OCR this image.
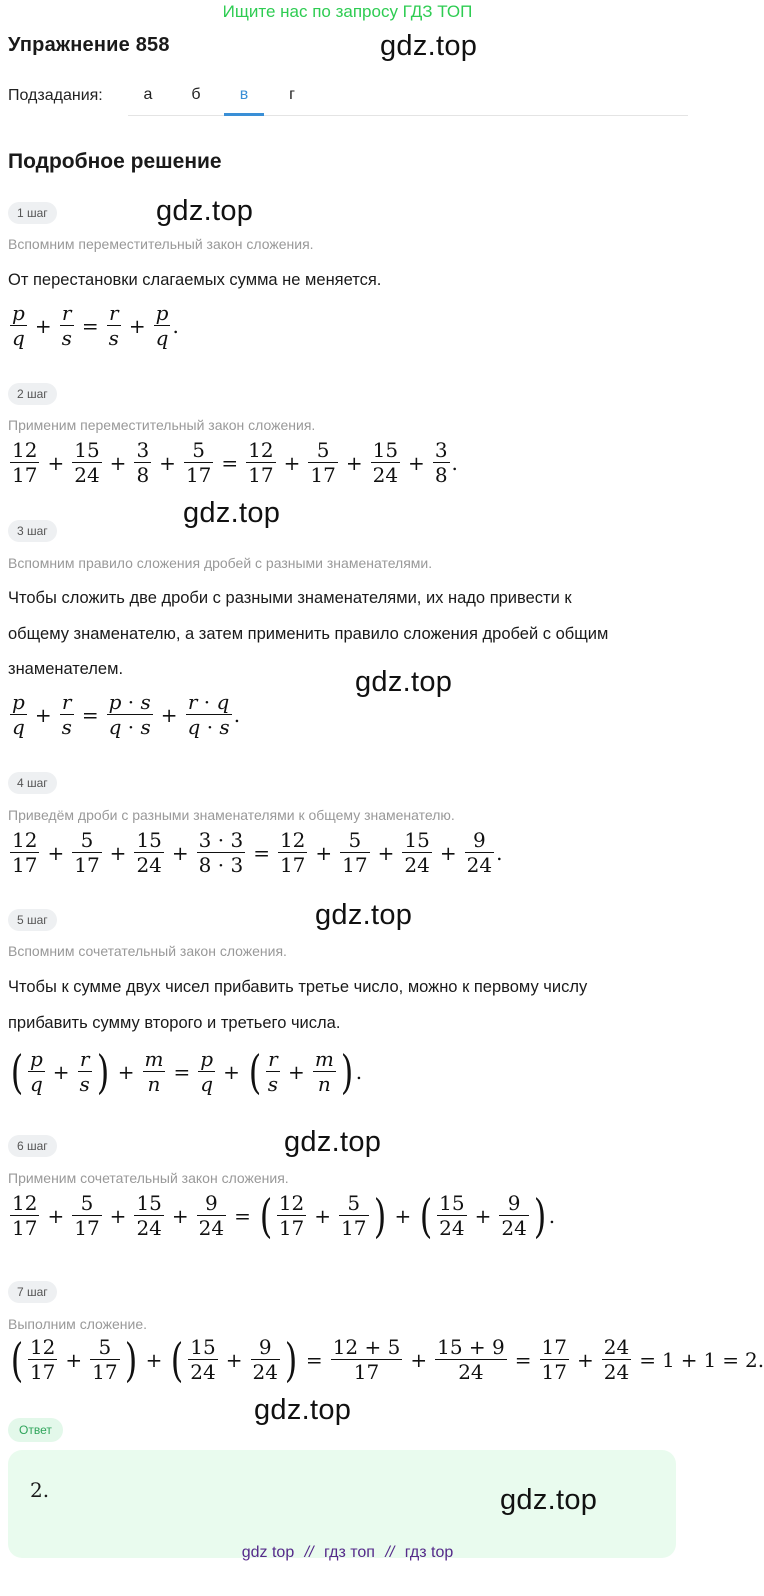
Ищите нас по запросу ГДЗ ТОП
Упражнение 858	gdz.top
Подзадания:	а	б	в	г
Подробное решение
1 шаг	gdz.top
Вспомним переместительный закон сложения.
От перестановки слагаемых сумма не меняется.
$\frac{p}{q} + \frac{r}{s} = \frac{r}{s} + \frac{p}{q}$ .
2 шаг
Применим переместительный закон сложения.
$\frac{12}{17} + \frac{15}{24} + \frac{3}{8} + \frac{5}{17} = \frac{12}{17} + \frac{5}{17} + \frac{15}{24} + \frac{3}{8}$ .
gdz.top
3 шаг
Вспомним правило сложения дробей с разными знаменателями.
Чтобы сложить две дроби с разными знаменателями, их надо привести к
общему знаменателю, а затем применить правило сложения дробей с общим
знаменателем.	gdz.top
$\frac{p}{q} + \frac{r}{s} = \frac{p \cdot s}{q \cdot s} + \frac{r \cdot q}{q \cdot s}$ .
4 шаг
Приведём дроби с разными знаменателями к общему знаменателю.
$\frac{12}{17} + \frac{5}{17} + \frac{15}{24} + \frac{3 \cdot 3}{8 \cdot 3} = \frac{12}{17} + \frac{5}{17} + \frac{15}{24} + \frac{9}{24}$ .
gdz.top
5 шаг
Вспомним сочетательный закон сложения.
Чтобы к сумме двух чисел прибавить третье число, можно к первому числу
прибавить сумму второго и третьего числа.
( $\frac{p}{q} + \frac{r}{s}$ ) + $\frac{m}{n} = \frac{p}{q}$ + ( $\frac{r}{s} + \frac{m}{n}$ ) .
gdz.top
6 шаг
Применим сочетательный закон сложения.
$\frac{12}{17} + \frac{5}{17} + \frac{15}{24} + \frac{9}{24}$ = ( $\frac{12}{17} + \frac{5}{17}$ ) + ( $\frac{15}{24} + \frac{9}{24}$ ) .
7 шаг
Выполним сложение.
( $\frac{12}{17} + \frac{5}{17}$ ) + ( $\frac{15}{24} + \frac{9}{24}$ ) = $\frac{12 + 5}{17} + \frac{15 + 9}{24} = \frac{17}{17} + \frac{24}{24} = 1 + 1 = 2$.
gdz.top
Ответ
2.	gdz.top
gdz top // гдз топ // гдз top
